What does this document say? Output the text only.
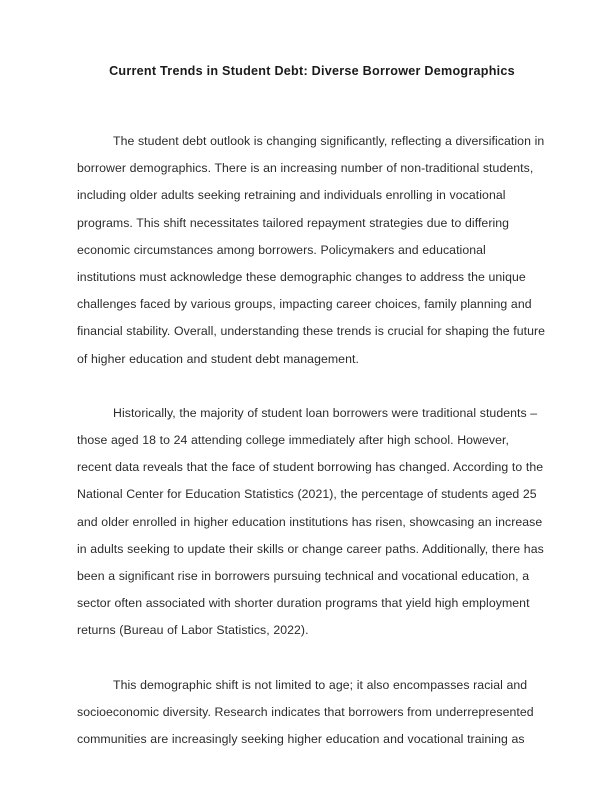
Current Trends in Student Debt: Diverse Borrower Demographics

The student debt outlook is changing significantly, reflecting a diversification in borrower demographics. There is an increasing number of non-traditional students, including older adults seeking retraining and individuals enrolling in vocational programs. This shift necessitates tailored repayment strategies due to differing economic circumstances among borrowers. Policymakers and educational institutions must acknowledge these demographic changes to address the unique challenges faced by various groups, impacting career choices, family planning and financial stability. Overall, understanding these trends is crucial for shaping the future of higher education and student debt management.

Historically, the majority of student loan borrowers were traditional students – those aged 18 to 24 attending college immediately after high school. However, recent data reveals that the face of student borrowing has changed. According to the National Center for Education Statistics (2021), the percentage of students aged 25 and older enrolled in higher education institutions has risen, showcasing an increase in adults seeking to update their skills or change career paths. Additionally, there has been a significant rise in borrowers pursuing technical and vocational education, a sector often associated with shorter duration programs that yield high employment returns (Bureau of Labor Statistics, 2022).

This demographic shift is not limited to age; it also encompasses racial and socioeconomic diversity. Research indicates that borrowers from underrepresented communities are increasingly seeking higher education and vocational training as
